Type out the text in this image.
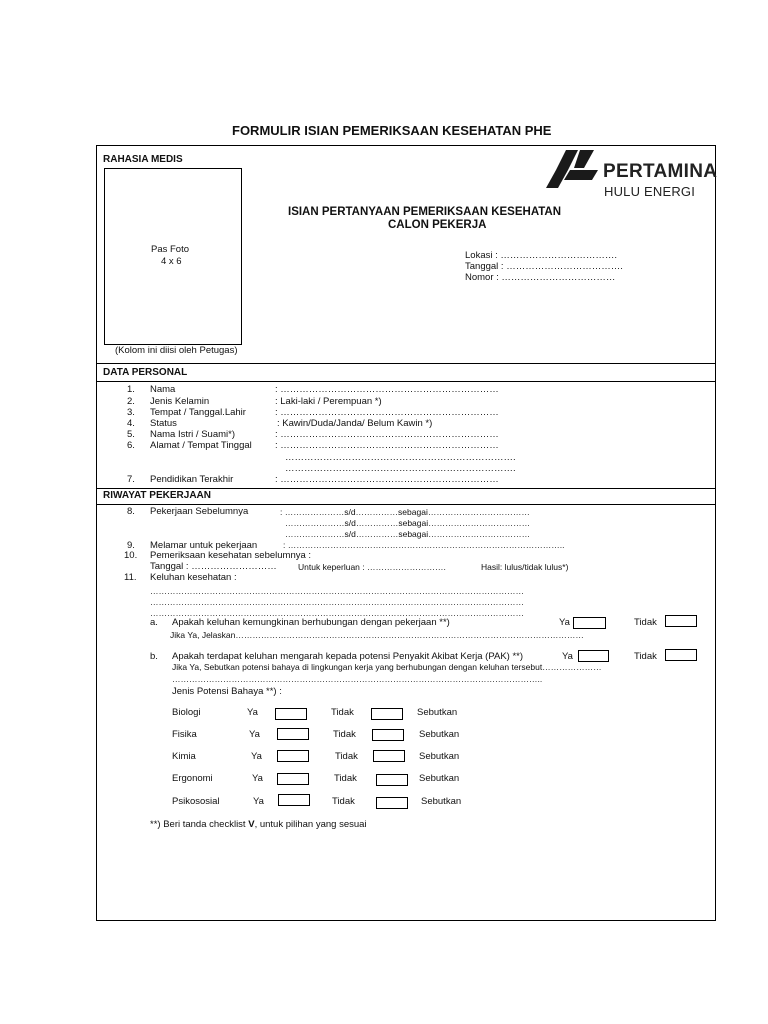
FORMULIR ISIAN PEMERIKSAAN KESEHATAN PHE
RAHASIA MEDIS
Pas Foto
4 x 6
(Kolom ini diisi oleh Petugas)
PERTAMINA
HULU ENERGI
ISIAN PERTANYAAN PEMERIKSAAN KESEHATAN
CALON PEKERJA
Lokasi : ……………………………….
Tanggal : ……………………………….
Nomor : ………………………………
DATA PERSONAL
1. Nama	: ……………………………………………………………
2. Jenis Kelamin	: Laki-laki / Perempuan *)
3. Tempat / Tanggal.Lahir	: ……………………………………………………………
4. Status	: Kawin/Duda/Janda/ Belum Kawin *)
5. Nama Istri / Suami*)	: ……………………………………………………………
6. Alamat / Tempat Tinggal : ……………………………………………………………
……………………………………………………………….
……………………………………………………………….
7. Pendidikan Terakhir	: ……………………………………………………………
RIWAYAT PEKERJAAN
8. Pekerjaan Sebelumnya	: …………………s/d……………sebagai………………………………
…………………s/d……………sebagai………………………………
…………………s/d……………sebagai………………………………
9. Melamar untuk pekerjaan	: ……………………………………………………………………………………..
10. Pemeriksaan kesehatan sebelumnya :
Tanggal : ………………………	Untuk keperluan : ……………………….	Hasil: lulus/tidak lulus*)
11. Keluhan kesehatan :
……………………………………………………………………………………………………………………
……………………………………………………………………………………………………………………
……………………………………………………………………………………………………………………
a. Apakah keluhan kemungkinan berhubungan dengan pekerjaan **)	Ya	Tidak
Jika Ya, Jelaskan……………………………………………………………………………………………………………
b. Apakah terdapat keluhan mengarah kepada potensi Penyakit Akibat Kerja (PAK) **)	Ya	Tidak
Jika Ya, Sebutkan potensi bahaya di lingkungan kerja yang berhubungan dengan keluhan tersebut…………………
…………………………………………………………………………………………………………………..
Jenis Potensi Bahaya **) :
Biologi	Ya	Tidak	Sebutkan
Fisika	Ya	Tidak	Sebutkan
Kimia	Ya	Tidak	Sebutkan
Ergonomi	Ya	Tidak	Sebutkan
Psikososial	Ya	Tidak	Sebutkan
**) Beri tanda checklist V, untuk pilihan yang sesuai
